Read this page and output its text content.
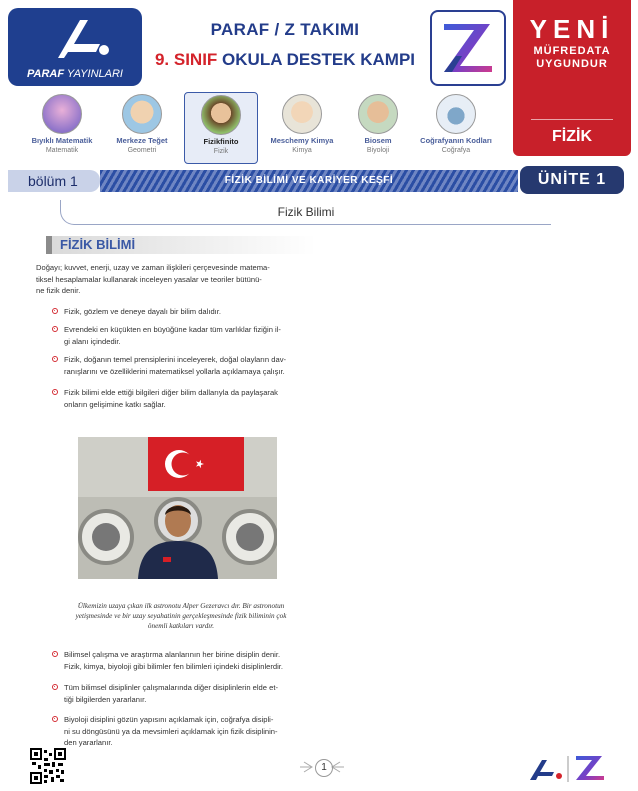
PARAF YAYINLARI
PARAF / Z TAKIMI
9. SINIF OKULA DESTEK KAMPI
YENİ
MÜFREDATA
UYGUNDUR
FİZİK
Bıyıklı Matematik
Matematik
Merkeze Teğet
Geometri
Fizikfinito
Fizik
Meschemy Kimya
Kimya
Biosem
Biyoloji
Coğrafyanın Kodları
Coğrafya
bölüm 1	FİZİK BİLİMİ VE KARİYER KEŞFİ	ÜNİTE 1
Fizik Bilimi
FİZİK BİLİMİ
Doğayı; kuvvet, enerji, uzay ve zaman ilişkileri çerçevesinde matema-
tiksel hesaplamalar kullanarak inceleyen yasalar ve teoriler bütünü-
ne fizik denir.
Fizik, gözlem ve deneye dayalı bir bilim dalıdır.
Evrendeki en küçükten en büyüğüne kadar tüm varlıklar fiziğin il-
gi alanı içindedir.
Fizik, doğanın temel prensiplerini inceleyerek, doğal olayların dav-
ranışlarını ve özelliklerini matematiksel yollarla açıklamaya çalışır.
Fizik bilimi elde ettiği bilgileri diğer bilim dallarıyla da paylaşarak
onların gelişimine katkı sağlar.
Ülkemizin uzaya çıkan ilk astronotu Alper Gezeravcı dır. Bir astronotun
yetişmesinde ve bir uzay seyahatinin gerçekleşmesinde fizik biliminin çok
önemli katkıları vardır.
Bilimsel çalışma ve araştırma alanlarının her birine disiplin denir.
Fizik, kimya, biyoloji gibi bilimler fen bilimleri içindeki disiplinlerdir.
Tüm bilimsel disiplinler çalışmalarında diğer disiplinlerin elde et-
tiği bilgilerden yararlanır.
Biyoloji disiplini gözün yapısını açıklamak için, coğrafya disipli-
ni su döngüsünü ya da mevsimleri açıklamak için fizik disiplinin-
den yararlanır.
1
